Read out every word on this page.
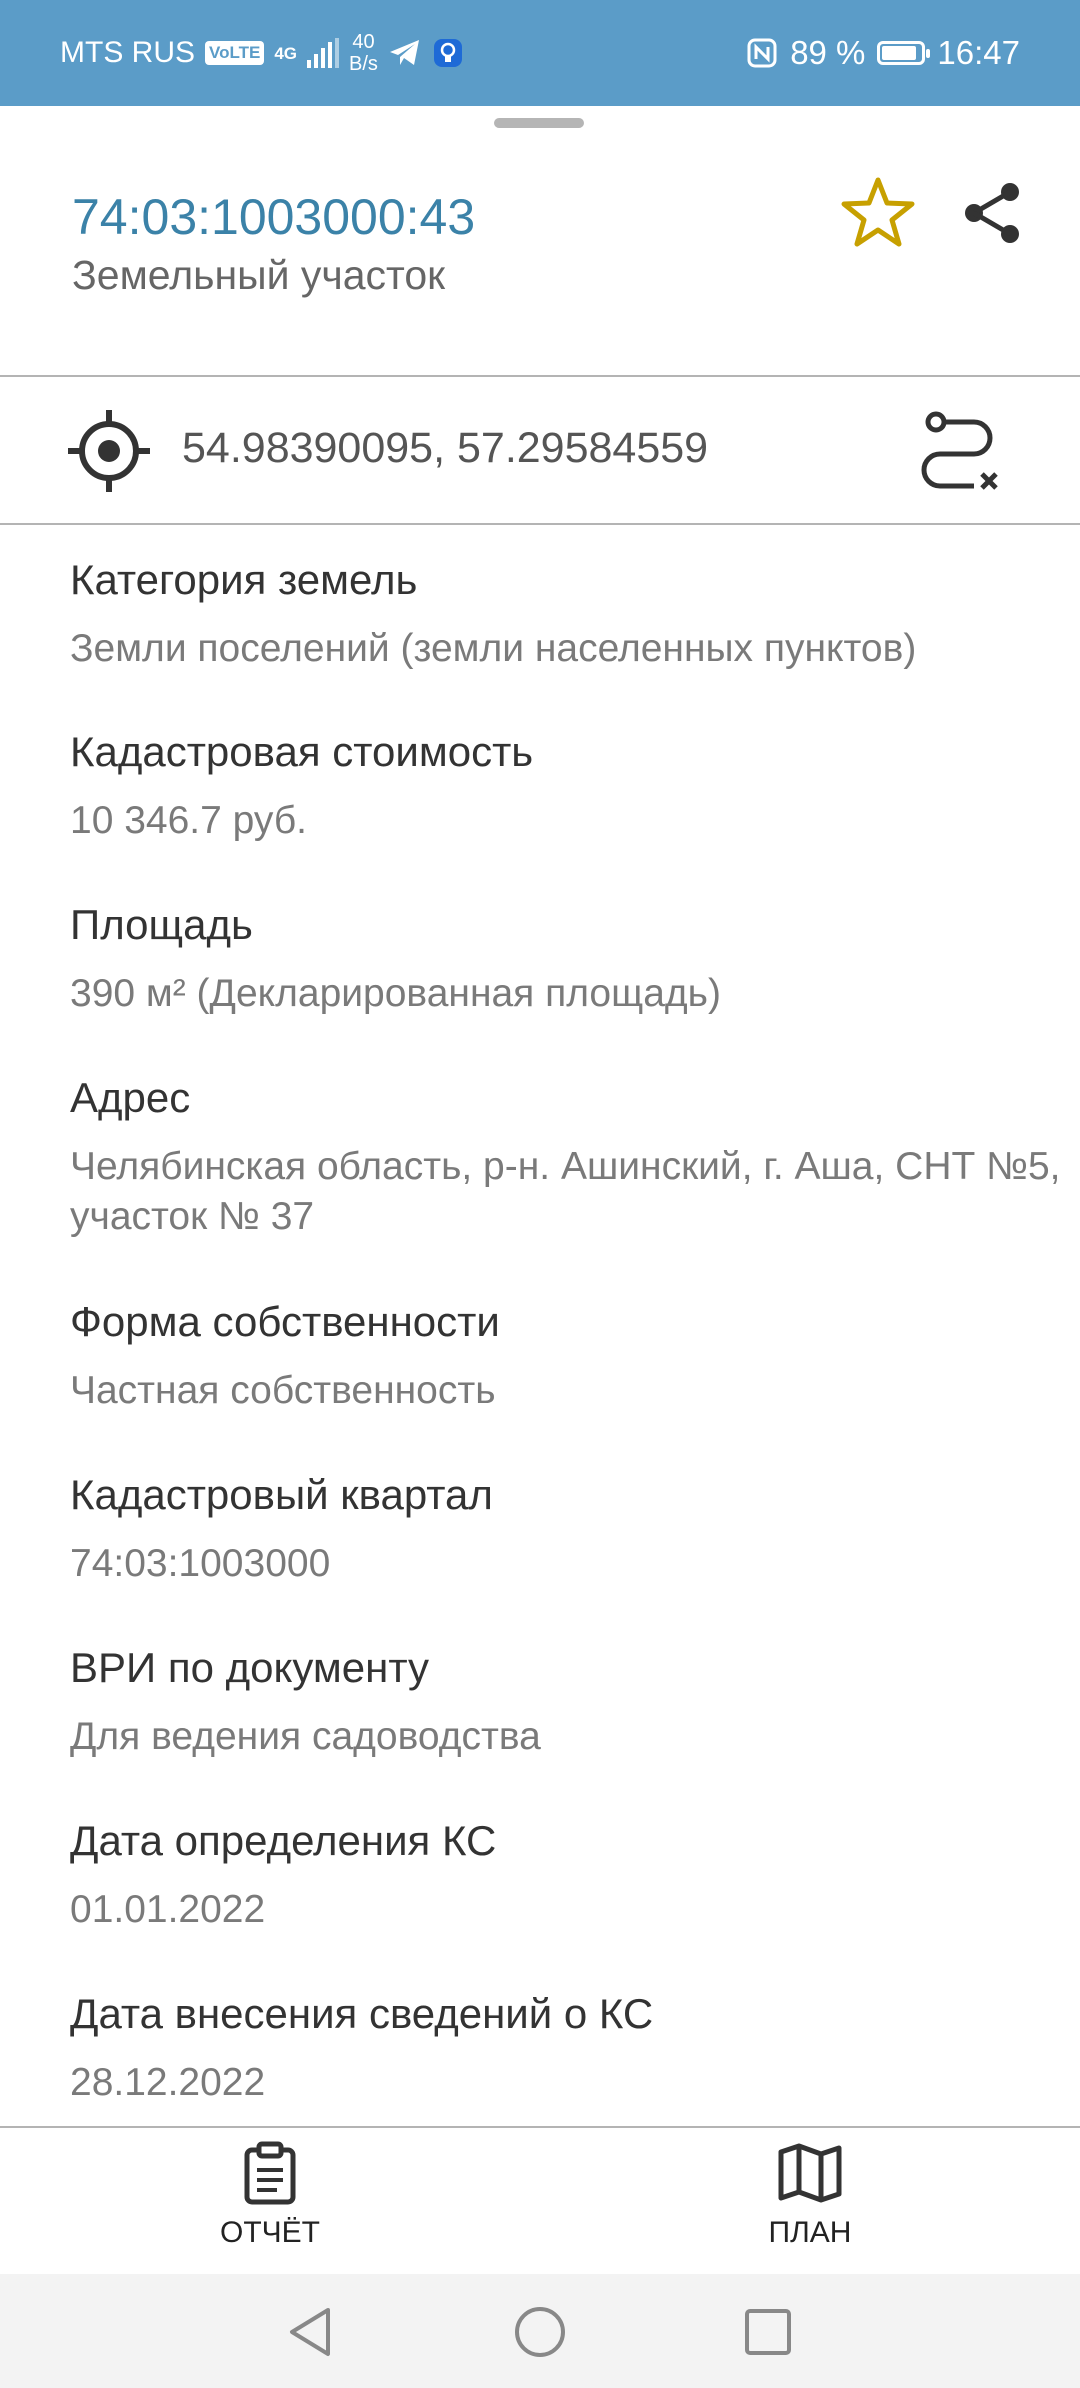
MTS RUS VoLTE 4G	40
B/s	89 % 16:47
74:03:1003000:43
Земельный участок
54.98390095, 57.29584559
Категория земель
Земли поселений (земли населенных пунктов)
Кадастровая стоимость
10 346.7 руб.
Площадь
390 м² (Декларированная площадь)
Адрес
Челябинская область, р-н. Ашинский, г. Аша, СНТ №5, участок № 37
Форма собственности
Частная собственность
Кадастровый квартал
74:03:1003000
ВРИ по документу
Для ведения садоводства
Дата определения КС
01.01.2022
Дата внесения сведений о КС
28.12.2022
ОТЧЁТ	ПЛАН
